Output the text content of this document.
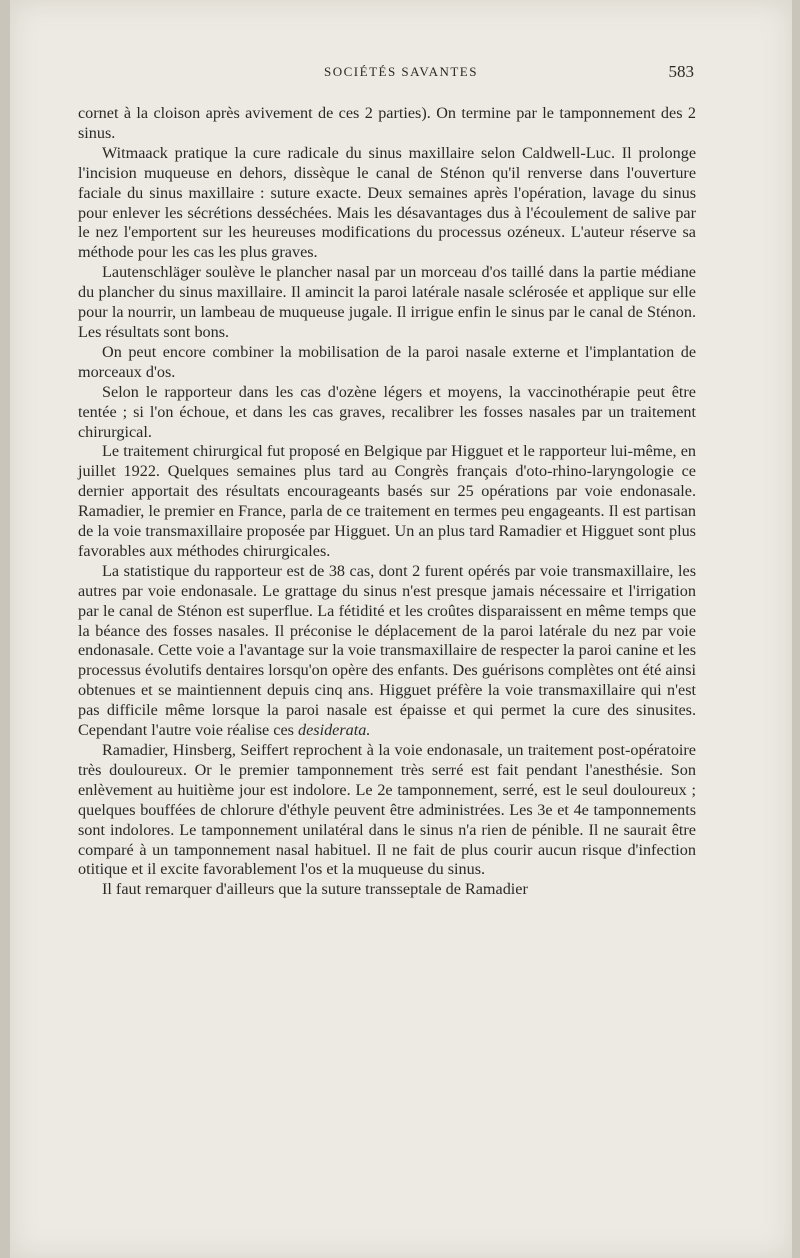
SOCIÉTÉS SAVANTES	583

cornet à la cloison après avivement de ces 2 parties). On termine par le tamponnement des 2 sinus.

Witmaack pratique la cure radicale du sinus maxillaire selon Caldwell-Luc. Il prolonge l'incision muqueuse en dehors, dissèque le canal de Sténon qu'il renverse dans l'ouverture faciale du sinus maxillaire : suture exacte. Deux semaines après l'opération, lavage du sinus pour enlever les sécrétions desséchées. Mais les désavantages dus à l'écoulement de salive par le nez l'emportent sur les heureuses modifications du processus ozéneux. L'auteur réserve sa méthode pour les cas les plus graves.

Lautenschläger soulève le plancher nasal par un morceau d'os taillé dans la partie médiane du plancher du sinus maxillaire. Il amincit la paroi latérale nasale sclérosée et applique sur elle pour la nourrir, un lambeau de muqueuse jugale. Il irrigue enfin le sinus par le canal de Sténon. Les résultats sont bons.

On peut encore combiner la mobilisation de la paroi nasale externe et l'implantation de morceaux d'os.

Selon le rapporteur dans les cas d'ozène légers et moyens, la vaccinothérapie peut être tentée ; si l'on échoue, et dans les cas graves, recalibrer les fosses nasales par un traitement chirurgical.

Le traitement chirurgical fut proposé en Belgique par Higguet et le rapporteur lui-même, en juillet 1922. Quelques semaines plus tard au Congrès français d'oto-rhino-laryngologie ce dernier apportait des résultats encourageants basés sur 25 opérations par voie endonasale. Ramadier, le premier en France, parla de ce traitement en termes peu engageants. Il est partisan de la voie transmaxillaire proposée par Higguet. Un an plus tard Ramadier et Higguet sont plus favorables aux méthodes chirurgicales.

La statistique du rapporteur est de 38 cas, dont 2 furent opérés par voie transmaxillaire, les autres par voie endonasale. Le grattage du sinus n'est presque jamais nécessaire et l'irrigation par le canal de Sténon est superflue. La fétidité et les croûtes disparaissent en même temps que la béance des fosses nasales. Il préconise le déplacement de la paroi latérale du nez par voie endonasale. Cette voie a l'avantage sur la voie transmaxillaire de respecter la paroi canine et les processus évolutifs dentaires lorsqu'on opère des enfants. Des guérisons complètes ont été ainsi obtenues et se maintiennent depuis cinq ans. Higguet préfère la voie transmaxillaire qui n'est pas difficile même lorsque la paroi nasale est épaisse et qui permet la cure des sinusites. Cependant l'autre voie réalise ces desiderata.

Ramadier, Hinsberg, Seiffert reprochent à la voie endonasale, un traitement post-opératoire très douloureux. Or le premier tamponnement très serré est fait pendant l'anesthésie. Son enlèvement au huitième jour est indolore. Le 2e tamponnement, serré, est le seul douloureux ; quelques bouffées de chlorure d'éthyle peuvent être administrées. Les 3e et 4e tamponnements sont indolores. Le tamponnement unilatéral dans le sinus n'a rien de pénible. Il ne saurait être comparé à un tamponnement nasal habituel. Il ne fait de plus courir aucun risque d'infection otitique et il excite favorablement l'os et la muqueuse du sinus.

Il faut remarquer d'ailleurs que la suture transseptale de Ramadier
